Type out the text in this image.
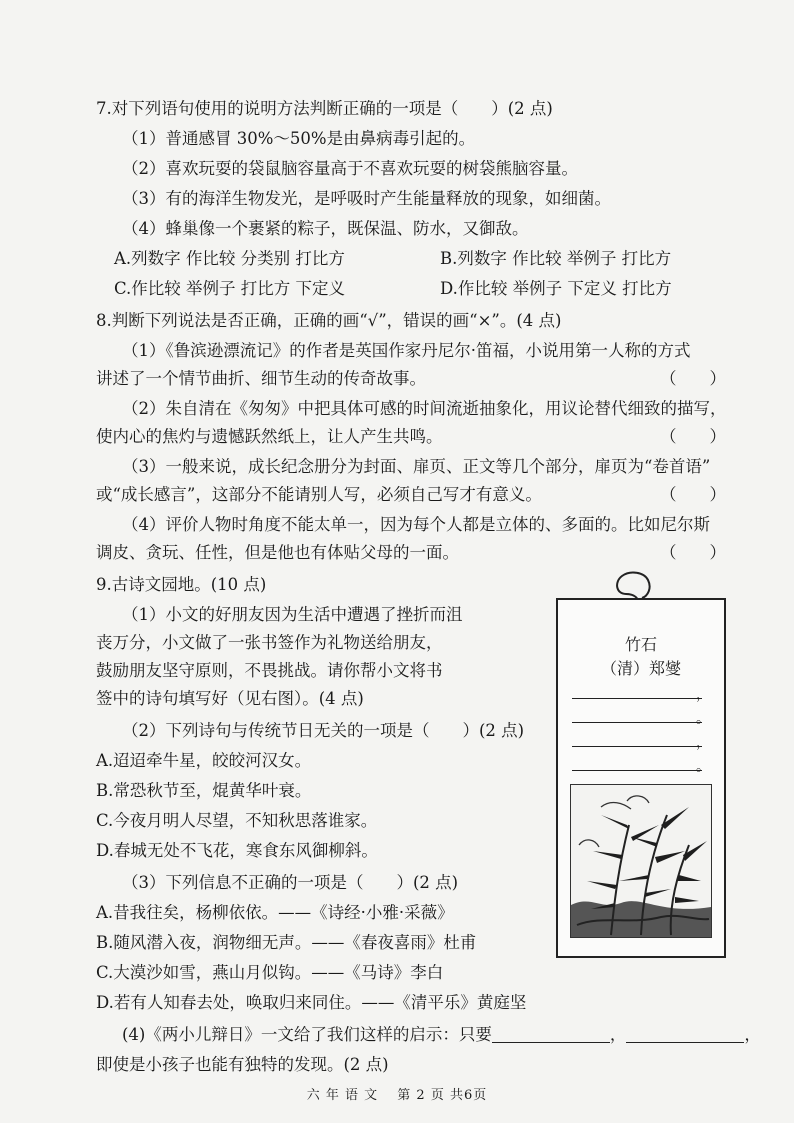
7.对下列语句使用的说明方法判断正确的一项是（　　）(2 点)
（1）普通感冒 30%～50%是由鼻病毒引起的。
（2）喜欢玩耍的袋鼠脑容量高于不喜欢玩耍的树袋熊脑容量。
（3）有的海洋生物发光，是呼吸时产生能量释放的现象，如细菌。
（4）蜂巢像一个裹紧的粽子，既保温、防水，又御敌。
A.列数字 作比较 分类别 打比方	B.列数字 作比较 举例子 打比方
C.作比较 举例子 打比方 下定义	D.作比较 举例子 下定义 打比方
8.判断下列说法是否正确，正确的画“√”，错误的画“×”。(4 点)
（1）《鲁滨逊漂流记》的作者是英国作家丹尼尔·笛福，小说用第一人称的方式
讲述了一个情节曲折、细节生动的传奇故事。	（　　）
（2）朱自清在《匆匆》中把具体可感的时间流逝抽象化，用议论替代细致的描写，
使内心的焦灼与遗憾跃然纸上，让人产生共鸣。	（　　）
（3）一般来说，成长纪念册分为封面、扉页、正文等几个部分，扉页为“卷首语”
或“成长感言”，这部分不能请别人写，必须自己写才有意义。	（　　）
（4）评价人物时角度不能太单一，因为每个人都是立体的、多面的。比如尼尔斯
调皮、贪玩、任性，但是他也有体贴父母的一面。	（　　）
9.古诗文园地。(10 点)
（1）小文的好朋友因为生活中遭遇了挫折而沮
丧万分，小文做了一张书签作为礼物送给朋友，
鼓励朋友坚守原则，不畏挑战。请你帮小文将书
签中的诗句填写好（见右图）。(4 点)
（2）下列诗句与传统节日无关的一项是（　　）(2 点)
A.迢迢牵牛星，皎皎河汉女。
B.常恐秋节至，焜黄华叶衰。
C.今夜月明人尽望，不知秋思落谁家。
D.春城无处不飞花，寒食东风御柳斜。
（3）下列信息不正确的一项是（　　）(2 点)
A.昔我往矣，杨柳依依。——《诗经·小雅·采薇》
B.随风潜入夜，润物细无声。——《春夜喜雨》杜甫
C.大漠沙如雪，燕山月似钩。——《马诗》李白
D.若有人知春去处，唤取归来同住。——《清平乐》黄庭坚
(4)《两小儿辩日》一文给了我们这样的启示：只要	，	，
即使是小孩子也能有独特的发现。(2 点)
竹石
（清）郑燮
，
。
，
。
六 年 语 文　 第 2 页 共6页
